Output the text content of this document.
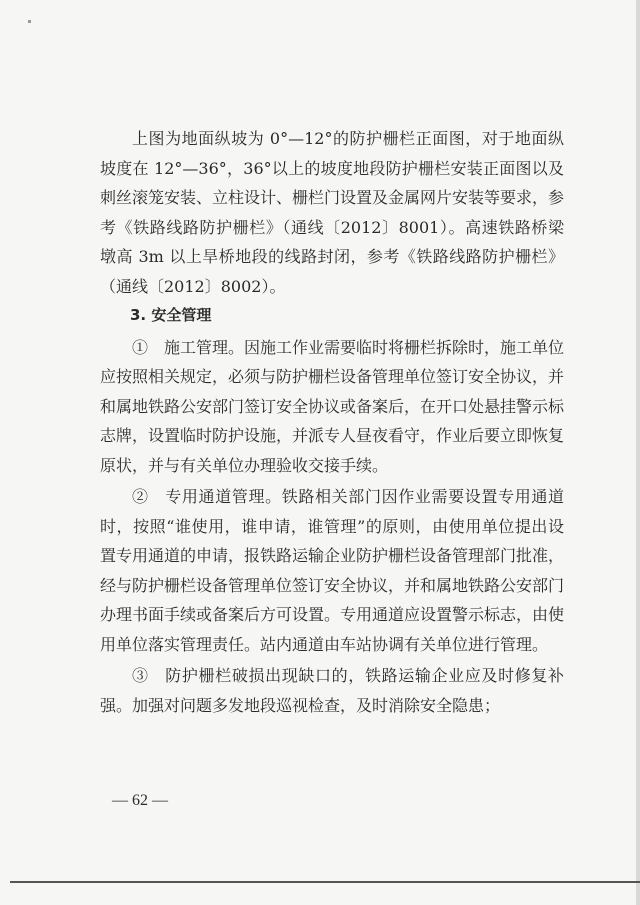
上图为地面纵坡为 0°—12°的防护栅栏正面图，对于地面纵坡度在 12°—36°，36°以上的坡度地段防护栅栏安装正面图以及刺丝滚笼安装、立柱设计、栅栏门设置及金属网片安装等要求，参考《铁路线路防护栅栏》（通线〔2012〕8001）。高速铁路桥梁墩高 3m 以上旱桥地段的线路封闭，参考《铁路线路防护栅栏》（通线〔2012〕8002）。

3. 安全管理

①　施工管理。因施工作业需要临时将栅栏拆除时，施工单位应按照相关规定，必须与防护栅栏设备管理单位签订安全协议，并和属地铁路公安部门签订安全协议或备案后，在开口处悬挂警示标志牌，设置临时防护设施，并派专人昼夜看守，作业后要立即恢复原状，并与有关单位办理验收交接手续。

②　专用通道管理。铁路相关部门因作业需要设置专用通道时，按照“谁使用，谁申请，谁管理”的原则，由使用单位提出设置专用通道的申请，报铁路运输企业防护栅栏设备管理部门批准，经与防护栅栏设备管理单位签订安全协议，并和属地铁路公安部门办理书面手续或备案后方可设置。专用通道应设置警示标志，由使用单位落实管理责任。站内通道由车站协调有关单位进行管理。

③　防护栅栏破损出现缺口的，铁路运输企业应及时修复补强。加强对问题多发地段巡视检查，及时消除安全隐患；

— 62 —
